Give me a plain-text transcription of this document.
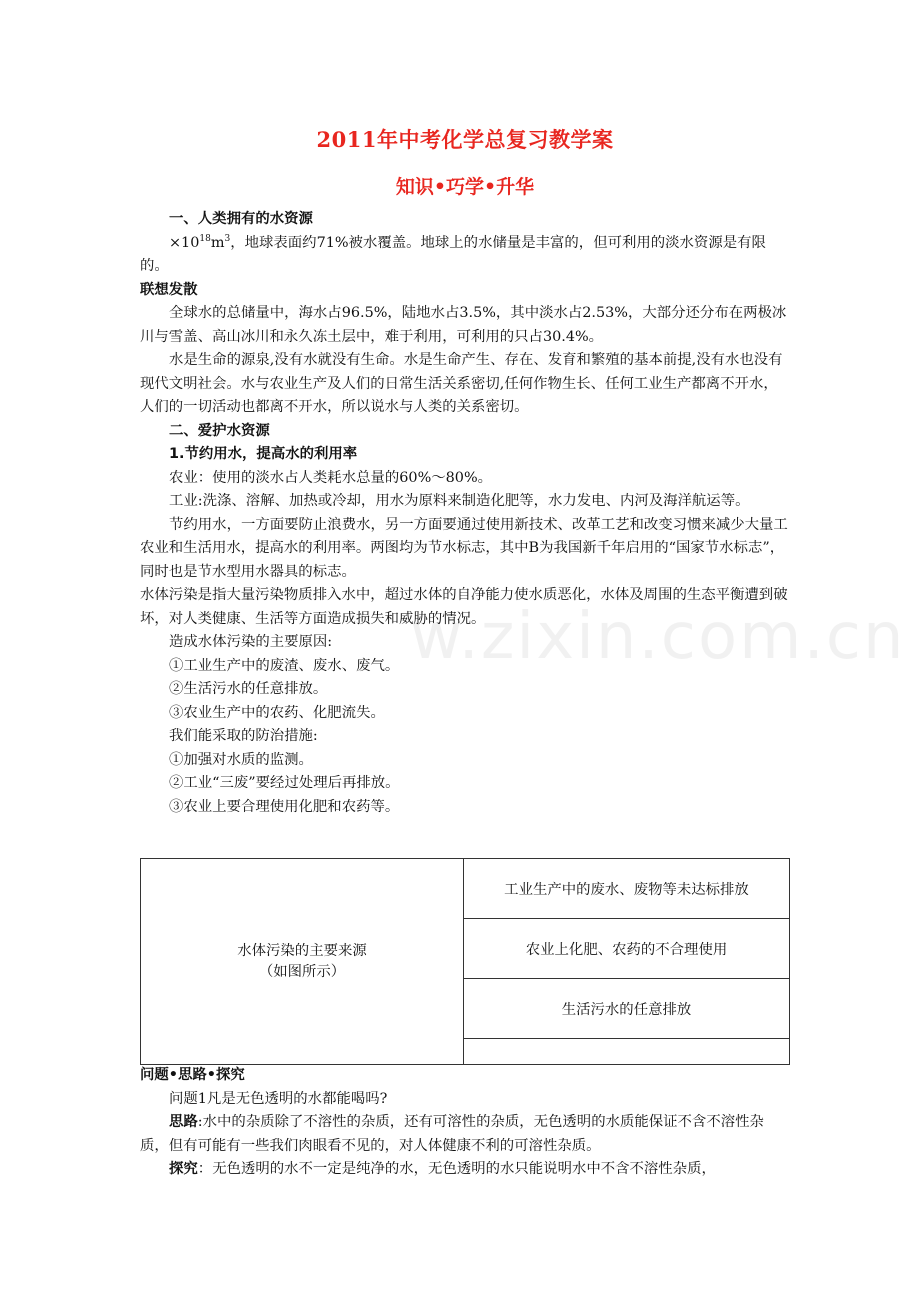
w.zixin.com.cn
2011年中考化学总复习教学案
知识•巧学•升华

一、人类拥有的水资源

$\times 10^{18}m^3$，地球表面约71%被水覆盖。地球上的水储量是丰富的，但可利用的淡水资源是有限的。

联想发散

全球水的总储量中，海水占96.5%，陆地水占3.5%，其中淡水占2.53%，大部分还分布在两极冰川与雪盖、高山冰川和永久冻土层中，难于利用，可利用的只占30.4%。

水是生命的源泉,没有水就没有生命。水是生命产生、存在、发育和繁殖的基本前提,没有水也没有现代文明社会。水与农业生产及人们的日常生活关系密切,任何作物生长、任何工业生产都离不开水，人们的一切活动也都离不开水，所以说水与人类的关系密切。

二、爱护水资源

1.节约用水，提高水的利用率

农业：使用的淡水占人类耗水总量的60%～80%。

工业:洗涤、溶解、加热或冷却，用水为原料来制造化肥等，水力发电、内河及海洋航运等。

节约用水，一方面要防止浪费水，另一方面要通过使用新技术、改革工艺和改变习惯来减少大量工农业和生活用水，提高水的利用率。两图均为节水标志，其中B为我国新千年启用的“国家节水标志”，同时也是节水型用水器具的标志。

水体污染是指大量污染物质排入水中，超过水体的自净能力使水质恶化，水体及周围的生态平衡遭到破坏，对人类健康、生活等方面造成损失和威胁的情况。

造成水体污染的主要原因:

①工业生产中的废渣、废水、废气。

②生活污水的任意排放。

③农业生产中的农药、化肥流失。

我们能采取的防治措施:

①加强对水质的监测。

②工业“三废”要经过处理后再排放。

③农业上要合理使用化肥和农药等。

水体污染的主要来源
（如图所示）
	工业生产中的废水、废物等未达标排放
农业上化肥、农药的不合理使用
生活污水的任意排放

问题•思路•探究

问题1凡是无色透明的水都能喝吗?

思路:水中的杂质除了不溶性的杂质，还有可溶性的杂质，无色透明的水质能保证不含不溶性杂质，但有可能有一些我们肉眼看不见的，对人体健康不利的可溶性杂质。

探究：无色透明的水不一定是纯净的水，无色透明的水只能说明水中不含不溶性杂质，
